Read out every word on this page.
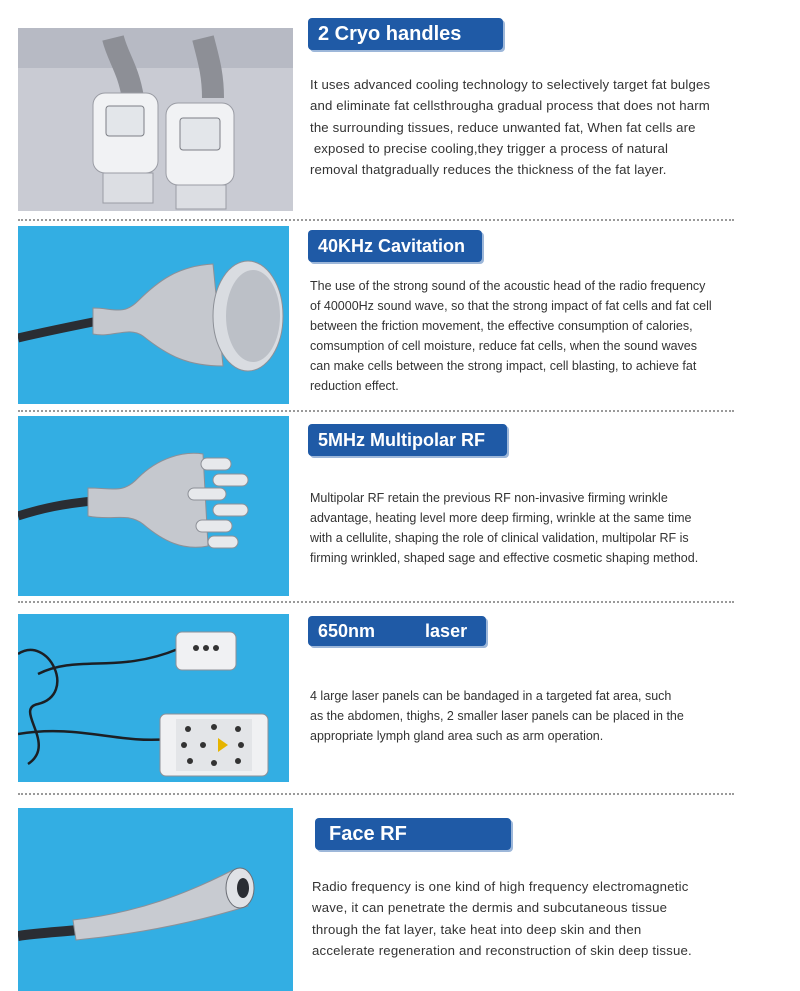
2 Cryo handles

It uses advanced cooling technology to selectively target fat bulges
and eliminate fat cellsthrougha gradual process that does not harm
the surrounding tissues, reduce unwanted fat, When fat cells are
exposed to precise cooling,they trigger a process of natural
removal thatgradually reduces the thickness of the fat layer.

40KHz Cavitation

The use of the strong sound of the acoustic head of the radio frequency
of 40000Hz sound wave, so that the strong impact of fat cells and fat cell
between the friction movement, the effective consumption of calories,
comsumption of cell moisture, reduce fat cells, when the sound waves
can make cells between the strong impact, cell blasting, to achieve fat
reduction effect.

5MHz Multipolar RF

Multipolar RF retain the previous RF non-invasive firming wrinkle
advantage, heating level more deep firming, wrinkle at the same time
with a cellulite, shaping the role of clinical validation, multipolar RF is
firming wrinkled, shaped sage and effective cosmetic shaping method.

650nm          laser

4 large laser panels can be bandaged in a targeted fat area, such
as the abdomen, thighs, 2 smaller laser panels can be placed in the
appropriate lymph gland area such as arm operation.

Face RF

Radio frequency is one kind of high frequency electromagnetic
wave, it can penetrate the dermis and subcutaneous tissue
through the fat layer, take heat into deep skin and then
accelerate regeneration and reconstruction of skin deep tissue.
